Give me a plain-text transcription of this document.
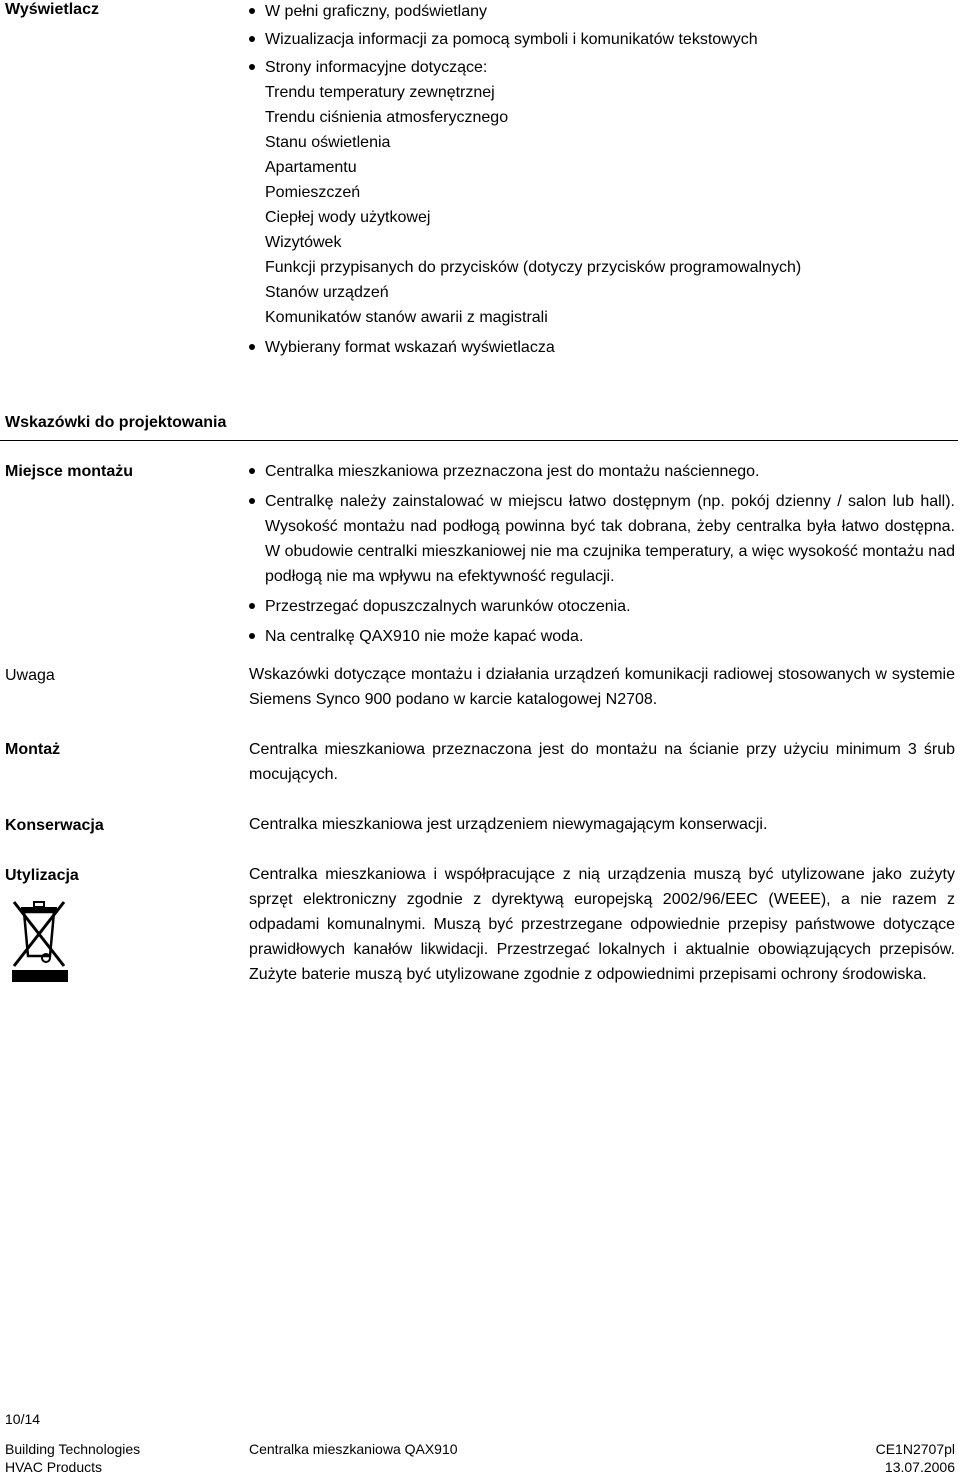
Wyświetlacz	W pełni graficzny, podświetlany
Wizualizacja informacji za pomocą symboli i komunikatów tekstowych
Strony informacyjne dotyczące:
Trendu temperatury zewnętrznej
Trendu ciśnienia atmosferycznego
Stanu oświetlenia
Apartamentu
Pomieszczeń
Ciepłej wody użytkowej
Wizytówek
Funkcji przypisanych do przycisków (dotyczy przycisków programowalnych)
Stanów urządzeń
Komunikatów stanów awarii z magistrali
Wybierany format wskazań wyświetlacza
Wskazówki do projektowania
Miejsce montażu	Centralka mieszkaniowa przeznaczona jest do montażu naściennego.
Centralkę należy zainstalować w miejscu łatwo dostępnym (np. pokój dzienny / salon lub hall). Wysokość montażu nad podłogą powinna być tak dobrana, żeby centralka była łatwo dostępna. W obudowie centralki mieszkaniowej nie ma czujnika temperatury, a więc wysokość montażu nad podłogą nie ma wpływu na efektywność regulacji.
Przestrzegać dopuszczalnych warunków otoczenia.
Na centralkę QAX910 nie może kapać woda.
Uwaga	Wskazówki dotyczące montażu i działania urządzeń komunikacji radiowej stosowanych w systemie Siemens Synco 900 podano w karcie katalogowej N2708.
Montaż	Centralka mieszkaniowa przeznaczona jest do montażu na ścianie przy użyciu minimum 3 śrub mocujących.
Konserwacja	Centralka mieszkaniowa jest urządzeniem niewymagającym konserwacji.
Utylizacja	Centralka mieszkaniowa i współpracujące z nią urządzenia muszą być utylizowane jako zużyty sprzęt elektroniczny zgodnie z dyrektywą europejską 2002/96/EEC (WEEE), a nie razem z odpadami komunalnymi. Muszą być przestrzegane odpowiednie przepisy państwowe dotyczące prawidłowych kanałów likwidacji. Przestrzegać lokalnych i aktualnie obowiązujących przepisów. Zużyte baterie muszą być utylizowane zgodnie z odpowiednimi przepisami ochrony środowiska.
10/14
Building Technologies
HVAC Products
Centralka mieszkaniowa QAX910	CE1N2707pl
13.07.2006
